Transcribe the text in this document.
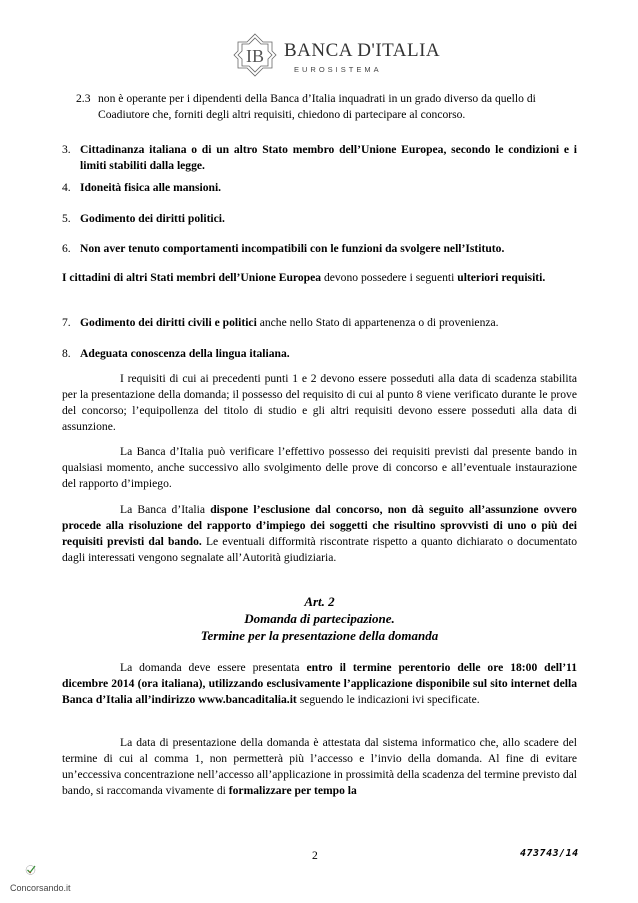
IB BANCA D'ITALIA
EUROSISTEMA
2.3 non è operante per i dipendenti della Banca d’Italia inquadrati in un grado diverso da quello di Coadiutore che, forniti degli altri requisiti, chiedono di partecipare al concorso.
3. Cittadinanza italiana o di un altro Stato membro dell’Unione Europea, secondo le condizioni e i limiti stabiliti dalla legge.
4. Idoneità fisica alle mansioni.
5. Godimento dei diritti politici.
6. Non aver tenuto comportamenti incompatibili con le funzioni da svolgere nell’Istituto.
I cittadini di altri Stati membri dell’Unione Europea devono possedere i seguenti ulteriori requisiti.
7. Godimento dei diritti civili e politici anche nello Stato di appartenenza o di provenienza.
8. Adeguata conoscenza della lingua italiana.
I requisiti di cui ai precedenti punti 1 e 2 devono essere posseduti alla data di scadenza stabilita per la presentazione della domanda; il possesso del requisito di cui al punto 8 viene verificato durante le prove del concorso; l’equipollenza del titolo di studio e gli altri requisiti devono essere posseduti alla data di assunzione.
La Banca d’Italia può verificare l’effettivo possesso dei requisiti previsti dal presente bando in qualsiasi momento, anche successivo allo svolgimento delle prove di concorso e all’eventuale instaurazione del rapporto d’impiego.
La Banca d’Italia dispone l’esclusione dal concorso, non dà seguito all’assunzione ovvero procede alla risoluzione del rapporto d’impiego dei soggetti che risultino sprovvisti di uno o più dei requisiti previsti dal bando. Le eventuali difformità riscontrate rispetto a quanto dichiarato o documentato dagli interessati vengono segnalate all’Autorità giudiziaria.
Art. 2
Domanda di partecipazione.
Termine per la presentazione della domanda
La domanda deve essere presentata entro il termine perentorio delle ore 18:00 dell’11 dicembre 2014 (ora italiana), utilizzando esclusivamente l’applicazione disponibile sul sito internet della Banca d’Italia all’indirizzo www.bancaditalia.it seguendo le indicazioni ivi specificate.
La data di presentazione della domanda è attestata dal sistema informatico che, allo scadere del termine di cui al comma 1, non permetterà più l’accesso e l’invio della domanda. Al fine di evitare un’eccessiva concentrazione nell’accesso all’applicazione in prossimità della scadenza del termine previsto dal bando, si raccomanda vivamente di formalizzare per tempo la
2	473743/14
Concorsando.it
